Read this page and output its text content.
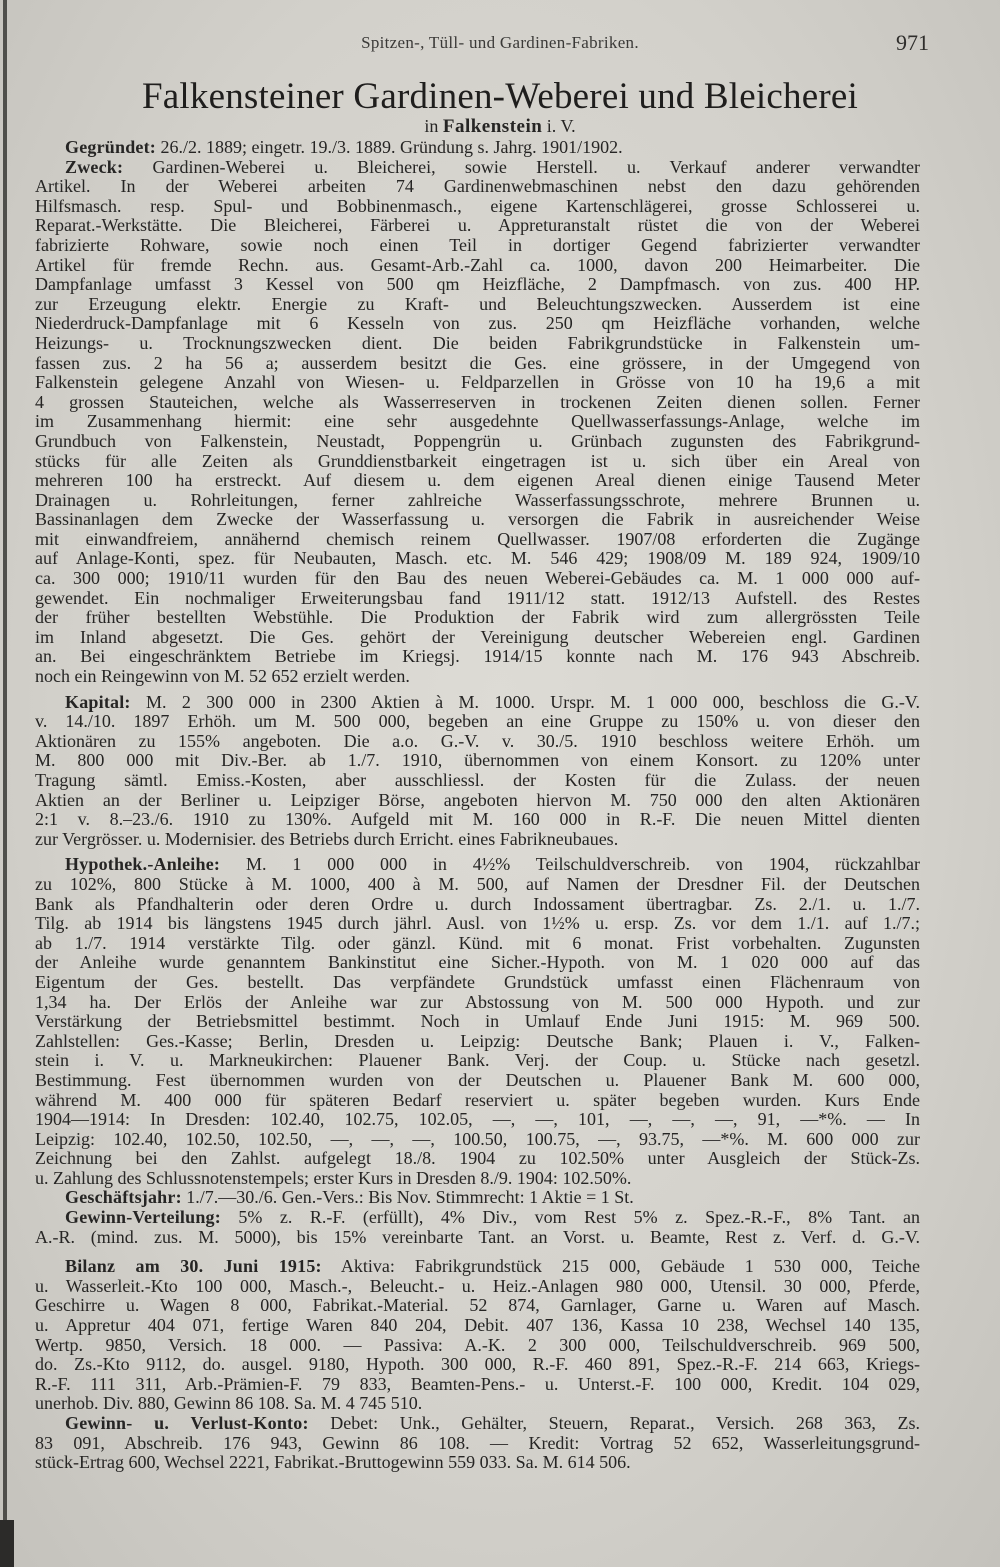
Spitzen-, Tüll- und Gardinen-Fabriken.	971
Falkensteiner Gardinen-Weberei und Bleicherei
in Falkenstein i. V.
Gegründet: 26./2. 1889; eingetr. 19./3. 1889. Gründung s. Jahrg. 1901/1902.
Zweck: Gardinen-Weberei u. Bleicherei, sowie Herstell. u. Verkauf anderer verwandter
Artikel. In der Weberei arbeiten 74 Gardinenwebmaschinen nebst den dazu gehörenden
Hilfsmasch. resp. Spul- und Bobbinenmasch., eigene Kartenschlägerei, grosse Schlosserei u.
Reparat.-Werkstätte. Die Bleicherei, Färberei u. Appreturanstalt rüstet die von der Weberei
fabrizierte Rohware, sowie noch einen Teil in dortiger Gegend fabrizierter verwandter
Artikel für fremde Rechn. aus. Gesamt-Arb.-Zahl ca. 1000, davon 200 Heimarbeiter. Die
Dampfanlage umfasst 3 Kessel von 500 qm Heizfläche, 2 Dampfmasch. von zus. 400 HP.
zur Erzeugung elektr. Energie zu Kraft- und Beleuchtungszwecken. Ausserdem ist eine
Niederdruck-Dampfanlage mit 6 Kesseln von zus. 250 qm Heizfläche vorhanden, welche
Heizungs- u. Trocknungszwecken dient. Die beiden Fabrikgrundstücke in Falkenstein um-
fassen zus. 2 ha 56 a; ausserdem besitzt die Ges. eine grössere, in der Umgegend von
Falkenstein gelegene Anzahl von Wiesen- u. Feldparzellen in Grösse von 10 ha 19,6 a mit
4 grossen Stauteichen, welche als Wasserreserven in trockenen Zeiten dienen sollen. Ferner
im Zusammenhang hiermit: eine sehr ausgedehnte Quellwasserfassungs-Anlage, welche im
Grundbuch von Falkenstein, Neustadt, Poppengrün u. Grünbach zugunsten des Fabrikgrund-
stücks für alle Zeiten als Grunddienstbarkeit eingetragen ist u. sich über ein Areal von
mehreren 100 ha erstreckt. Auf diesem u. dem eigenen Areal dienen einige Tausend Meter
Drainagen u. Rohrleitungen, ferner zahlreiche Wasserfassungsschrote, mehrere Brunnen u.
Bassinanlagen dem Zwecke der Wasserfassung u. versorgen die Fabrik in ausreichender Weise
mit einwandfreiem, annähernd chemisch reinem Quellwasser. 1907/08 erforderten die Zugänge
auf Anlage-Konti, spez. für Neubauten, Masch. etc. M. 546 429; 1908/09 M. 189 924, 1909/10
ca. 300 000; 1910/11 wurden für den Bau des neuen Weberei-Gebäudes ca. M. 1 000 000 auf-
gewendet. Ein nochmaliger Erweiterungsbau fand 1911/12 statt. 1912/13 Aufstell. des Restes
der früher bestellten Webstühle. Die Produktion der Fabrik wird zum allergrössten Teile
im Inland abgesetzt. Die Ges. gehört der Vereinigung deutscher Webereien engl. Gardinen
an. Bei eingeschränktem Betriebe im Kriegsj. 1914/15 konnte nach M. 176 943 Abschreib.
noch ein Reingewinn von M. 52 652 erzielt werden.
Kapital: M. 2 300 000 in 2300 Aktien à M. 1000. Urspr. M. 1 000 000, beschloss die G.-V.
v. 14./10. 1897 Erhöh. um M. 500 000, begeben an eine Gruppe zu 150% u. von dieser den
Aktionären zu 155% angeboten. Die a.o. G.-V. v. 30./5. 1910 beschloss weitere Erhöh. um
M. 800 000 mit Div.-Ber. ab 1./7. 1910, übernommen von einem Konsort. zu 120% unter
Tragung sämtl. Emiss.-Kosten, aber ausschliessl. der Kosten für die Zulass. der neuen
Aktien an der Berliner u. Leipziger Börse, angeboten hiervon M. 750 000 den alten Aktionären
2:1 v. 8.–23./6. 1910 zu 130%. Aufgeld mit M. 160 000 in R.-F. Die neuen Mittel dienten
zur Vergrösser. u. Modernisier. des Betriebs durch Erricht. eines Fabrikneubaues.
Hypothek.-Anleihe: M. 1 000 000 in 4½% Teilschuldverschreib. von 1904, rückzahlbar
zu 102%, 800 Stücke à M. 1000, 400 à M. 500, auf Namen der Dresdner Fil. der Deutschen
Bank als Pfandhalterin oder deren Ordre u. durch Indossament übertragbar. Zs. 2./1. u. 1./7.
Tilg. ab 1914 bis längstens 1945 durch jährl. Ausl. von 1½% u. ersp. Zs. vor dem 1./1. auf 1./7.;
ab 1./7. 1914 verstärkte Tilg. oder gänzl. Künd. mit 6 monat. Frist vorbehalten. Zugunsten
der Anleihe wurde genanntem Bankinstitut eine Sicher.-Hypoth. von M. 1 020 000 auf das
Eigentum der Ges. bestellt. Das verpfändete Grundstück umfasst einen Flächenraum von
1,34 ha. Der Erlös der Anleihe war zur Abstossung von M. 500 000 Hypoth. und zur
Verstärkung der Betriebsmittel bestimmt. Noch in Umlauf Ende Juni 1915: M. 969 500.
Zahlstellen: Ges.-Kasse; Berlin, Dresden u. Leipzig: Deutsche Bank; Plauen i. V., Falken-
stein i. V. u. Markneukirchen: Plauener Bank. Verj. der Coup. u. Stücke nach gesetzl.
Bestimmung. Fest übernommen wurden von der Deutschen u. Plauener Bank M. 600 000,
während M. 400 000 für späteren Bedarf reserviert u. später begeben wurden. Kurs Ende
1904—1914: In Dresden: 102.40, 102.75, 102.05, —, —, 101, —, —, —, 91, —*%. — In
Leipzig: 102.40, 102.50, 102.50, —, —, —, 100.50, 100.75, —, 93.75, —*%. M. 600 000 zur
Zeichnung bei den Zahlst. aufgelegt 18./8. 1904 zu 102.50% unter Ausgleich der Stück-Zs.
u. Zahlung des Schlussnotenstempels; erster Kurs in Dresden 8./9. 1904: 102.50%.
Geschäftsjahr: 1./7.—30./6. Gen.-Vers.: Bis Nov. Stimmrecht: 1 Aktie = 1 St.
Gewinn-Verteilung: 5% z. R.-F. (erfüllt), 4% Div., vom Rest 5% z. Spez.-R.-F., 8% Tant. an
A.-R. (mind. zus. M. 5000), bis 15% vereinbarte Tant. an Vorst. u. Beamte, Rest z. Verf. d. G.-V.
Bilanz am 30. Juni 1915: Aktiva: Fabrikgrundstück 215 000, Gebäude 1 530 000, Teiche
u. Wasserleit.-Kto 100 000, Masch.-, Beleucht.- u. Heiz.-Anlagen 980 000, Utensil. 30 000, Pferde,
Geschirre u. Wagen 8 000, Fabrikat.-Material. 52 874, Garnlager, Garne u. Waren auf Masch.
u. Appretur 404 071, fertige Waren 840 204, Debit. 407 136, Kassa 10 238, Wechsel 140 135,
Wertp. 9850, Versich. 18 000. — Passiva: A.-K. 2 300 000, Teilschuldverschreib. 969 500,
do. Zs.-Kto 9112, do. ausgel. 9180, Hypoth. 300 000, R.-F. 460 891, Spez.-R.-F. 214 663, Kriegs-
R.-F. 111 311, Arb.-Prämien-F. 79 833, Beamten-Pens.- u. Unterst.-F. 100 000, Kredit. 104 029,
unerhob. Div. 880, Gewinn 86 108. Sa. M. 4 745 510.
Gewinn- u. Verlust-Konto: Debet: Unk., Gehälter, Steuern, Reparat., Versich. 268 363, Zs.
83 091, Abschreib. 176 943, Gewinn 86 108. — Kredit: Vortrag 52 652, Wasserleitungsgrund-
stück-Ertrag 600, Wechsel 2221, Fabrikat.-Bruttogewinn 559 033. Sa. M. 614 506.
